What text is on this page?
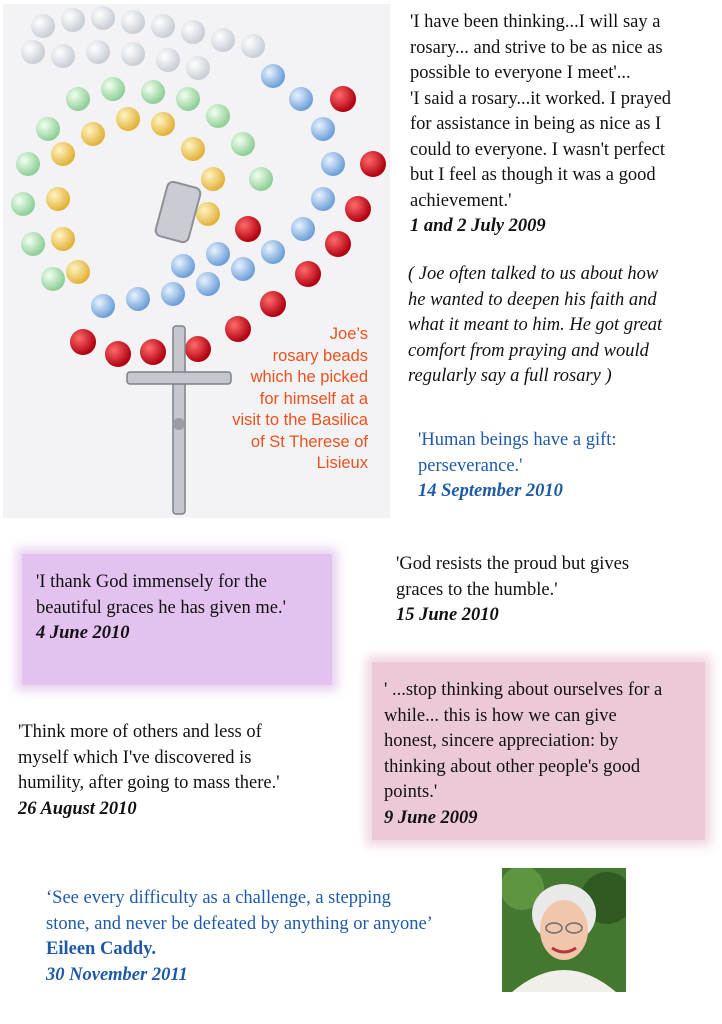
Joe’s
rosary beads
which he picked
for himself at a
visit to the Basilica
of St Therese of
Lisieux
'I have been thinking...I will say a
rosary... and strive to be as nice as
possible to everyone I meet'...
'I said a rosary...it worked. I prayed
for assistance in being as nice as I
could to everyone. I wasn't perfect
but I feel as though it was a good
achievement.'
1 and 2 July 2009
( Joe often talked to us about how
he wanted to deepen his faith and
what it meant to him. He got great
comfort from praying and would
regularly say a full rosary )
'Human beings have a gift:
perseverance.'
14 September 2010
'I thank God immensely for the
beautiful graces he has given me.'
4 June 2010
'God resists the proud but gives
graces to the humble.'
15 June 2010
' ...stop thinking about ourselves for a
while... this is how we can give
honest, sincere appreciation: by
thinking about other people's good
points.'
9 June 2009
'Think more of others and less of
myself which I've discovered is
humility, after going to mass there.'
26 August 2010
‘See every difficulty as a challenge, a stepping
stone, and never be defeated by anything or anyone’
Eileen Caddy.
30 November 2011
